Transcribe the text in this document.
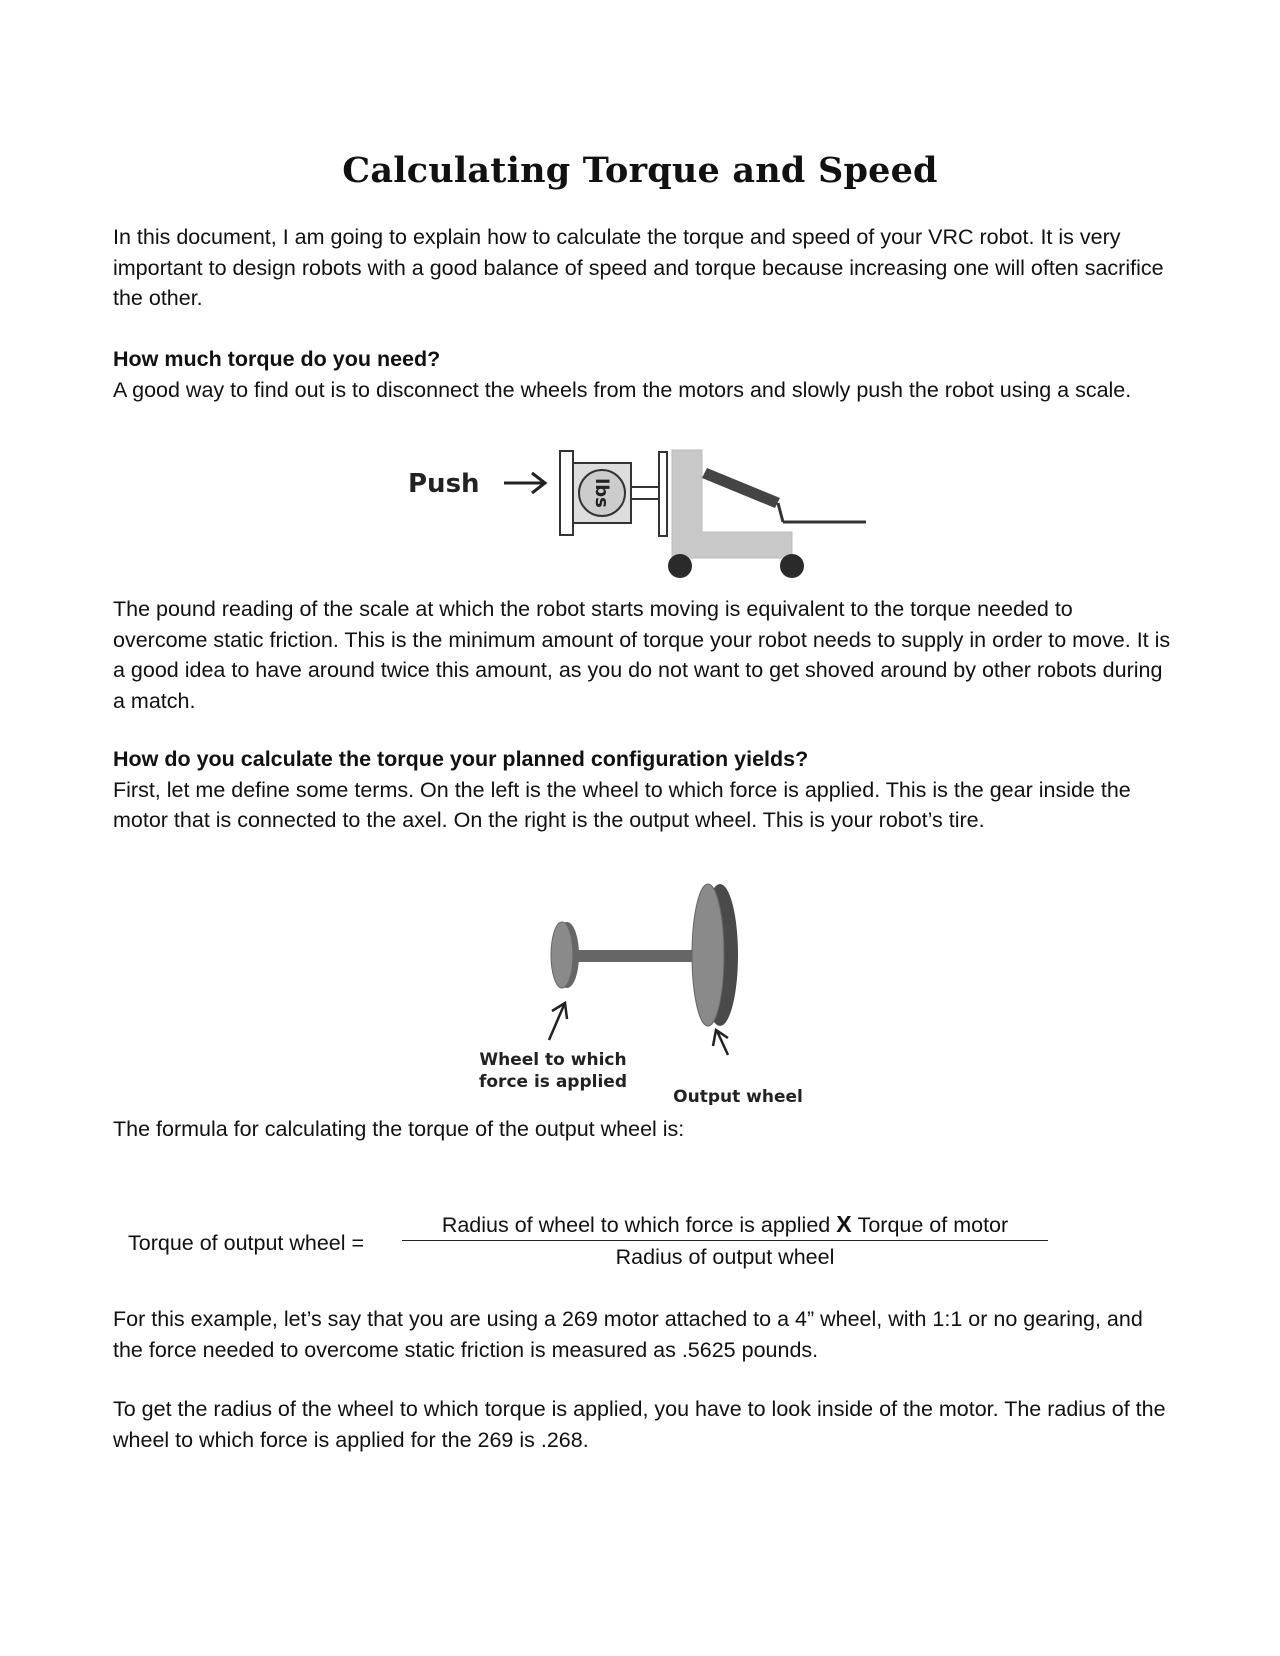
Calculating Torque and Speed

In this document, I am going to explain how to calculate the torque and speed of your VRC robot. It is very important to design robots with a good balance of speed and torque because increasing one will often sacrifice the other.

How much torque do you need?
A good way to find out is to disconnect the wheels from the motors and slowly push the robot using a scale.
Push	lbs

The pound reading of the scale at which the robot starts moving is equivalent to the torque needed to overcome static friction. This is the minimum amount of torque your robot needs to supply in order to move. It is a good idea to have around twice this amount, as you do not want to get shoved around by other robots during a match.

How do you calculate the torque your planned configuration yields?
First, let me define some terms. On the left is the wheel to which force is applied. This is the gear inside the motor that is connected to the axel. On the right is the output wheel. This is your robot’s tire.
Wheel to which
force is applied
Output wheel

The formula for calculating the torque of the output wheel is:

Torque of output wheel =

Radius of wheel to which force is applied X Torque of motor

Radius of output wheel

For this example, let’s say that you are using a 269 motor attached to a 4” wheel, with 1:1 or no gearing, and the force needed to overcome static friction is measured as .5625 pounds.

To get the radius of the wheel to which torque is applied, you have to look inside of the motor. The radius of the wheel to which force is applied for the 269 is .268.
